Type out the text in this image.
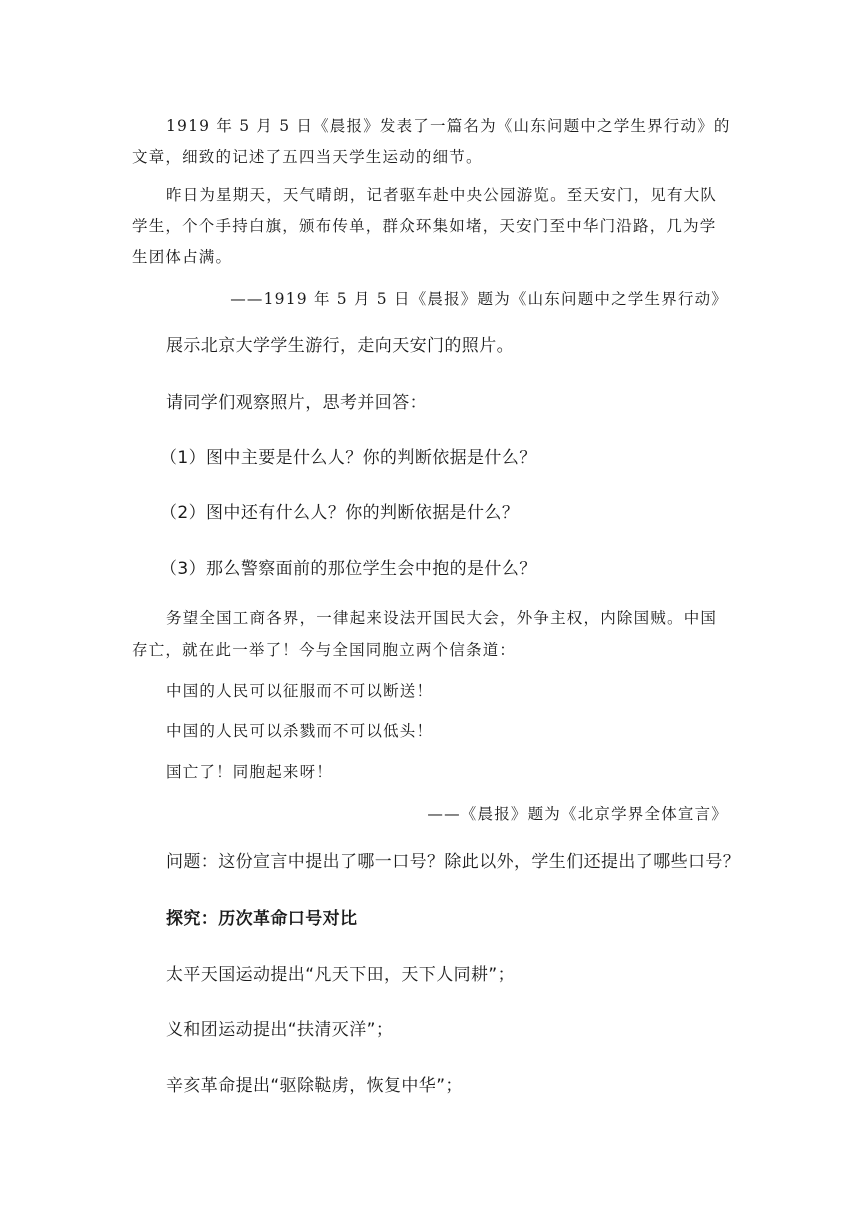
1919 年 5 月 5 日《晨报》发表了一篇名为《山东问题中之学生界行动》的
文章，细致的记述了五四当天学生运动的细节。
昨日为星期天，天气晴朗，记者驱车赴中央公园游览。至天安门，见有大队
学生，个个手持白旗，颁布传单，群众环集如堵，天安门至中华门沿路，几为学
生团体占满。
——1919 年 5 月 5 日《晨报》题为《山东问题中之学生界行动》
展示北京大学学生游行，走向天安门的照片。
请同学们观察照片，思考并回答：
（1）图中主要是什么人？你的判断依据是什么？
（2）图中还有什么人？你的判断依据是什么？
（3）那么警察面前的那位学生会中抱的是什么？
务望全国工商各界，一律起来设法开国民大会，外争主权，内除国贼。中国
存亡，就在此一举了！今与全国同胞立两个信条道：
中国的人民可以征服而不可以断送！
中国的人民可以杀戮而不可以低头！
国亡了！同胞起来呀！
——《晨报》题为《北京学界全体宣言》
问题：这份宣言中提出了哪一口号？除此以外，学生们还提出了哪些口号？
探究：历次革命口号对比
太平天国运动提出“凡天下田，天下人同耕”；
义和团运动提出“扶清灭洋”；
辛亥革命提出“驱除鞑虏，恢复中华”；
